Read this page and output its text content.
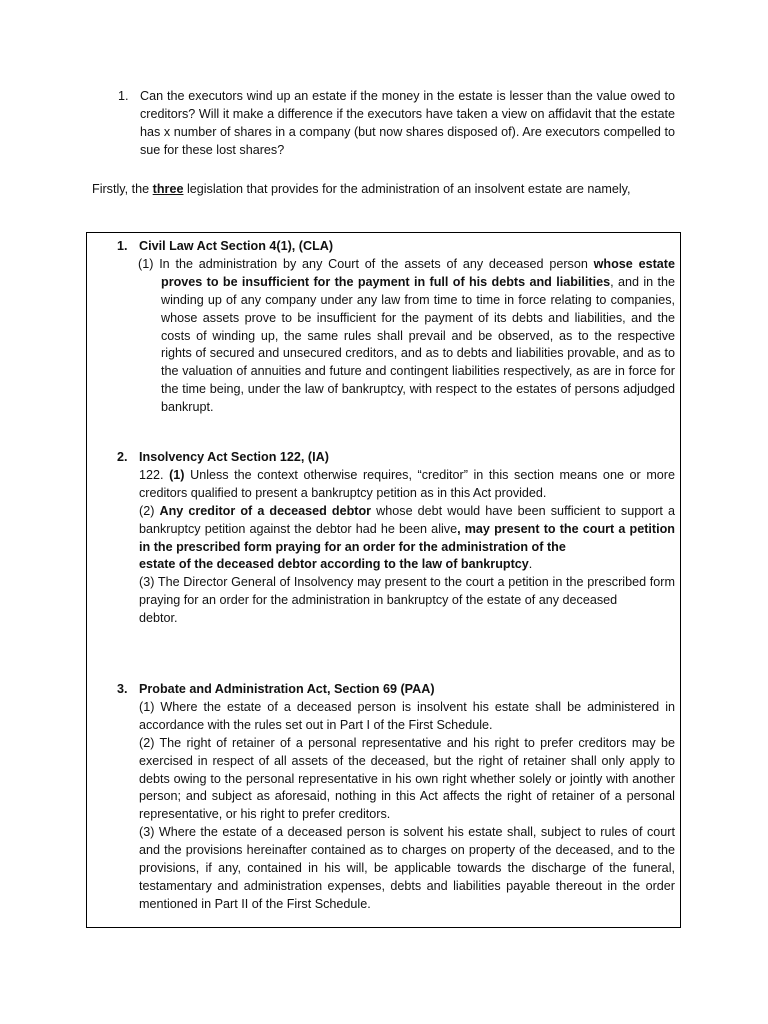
1. Can the executors wind up an estate if the money in the estate is lesser than the value owed to creditors? Will it make a difference if the executors have taken a view on affidavit that the estate has x number of shares in a company (but now shares disposed of). Are executors compelled to sue for these lost shares?
Firstly, the three legislation that provides for the administration of an insolvent estate are namely,
1. Civil Law Act Section 4(1), (CLA)
(1) In the administration by any Court of the assets of any deceased person whose estate proves to be insufficient for the payment in full of his debts and liabilities, and in the winding up of any company under any law from time to time in force relating to companies, whose assets prove to be insufficient for the payment of its debts and liabilities, and the costs of winding up, the same rules shall prevail and be observed, as to the respective rights of secured and unsecured creditors, and as to debts and liabilities provable, and as to the valuation of annuities and future and contingent liabilities respectively, as are in force for the time being, under the law of bankruptcy, with respect to the estates of persons adjudged bankrupt.
2. Insolvency Act Section 122, (IA)
122. (1) Unless the context otherwise requires, “creditor” in this section means one or more creditors qualified to present a bankruptcy petition as in this Act provided.
(2) Any creditor of a deceased debtor whose debt would have been sufficient to support a bankruptcy petition against the debtor had he been alive, may present to the court a petition in the prescribed form praying for an order for the administration of the
estate of the deceased debtor according to the law of bankruptcy.
(3) The Director General of Insolvency may present to the court a petition in the prescribed form praying for an order for the administration in bankruptcy of the estate of any deceased
debtor.
3. Probate and Administration Act, Section 69 (PAA)
(1) Where the estate of a deceased person is insolvent his estate shall be administered in accordance with the rules set out in Part I of the First Schedule.
(2) The right of retainer of a personal representative and his right to prefer creditors may be exercised in respect of all assets of the deceased, but the right of retainer shall only apply to debts owing to the personal representative in his own right whether solely or jointly with another person; and subject as aforesaid, nothing in this Act affects the right of retainer of a personal representative, or his right to prefer creditors.
(3) Where the estate of a deceased person is solvent his estate shall, subject to rules of court and the provisions hereinafter contained as to charges on property of the deceased, and to the provisions, if any, contained in his will, be applicable towards the discharge of the funeral, testamentary and administration expenses, debts and liabilities payable thereout in the order mentioned in Part II of the First Schedule.
